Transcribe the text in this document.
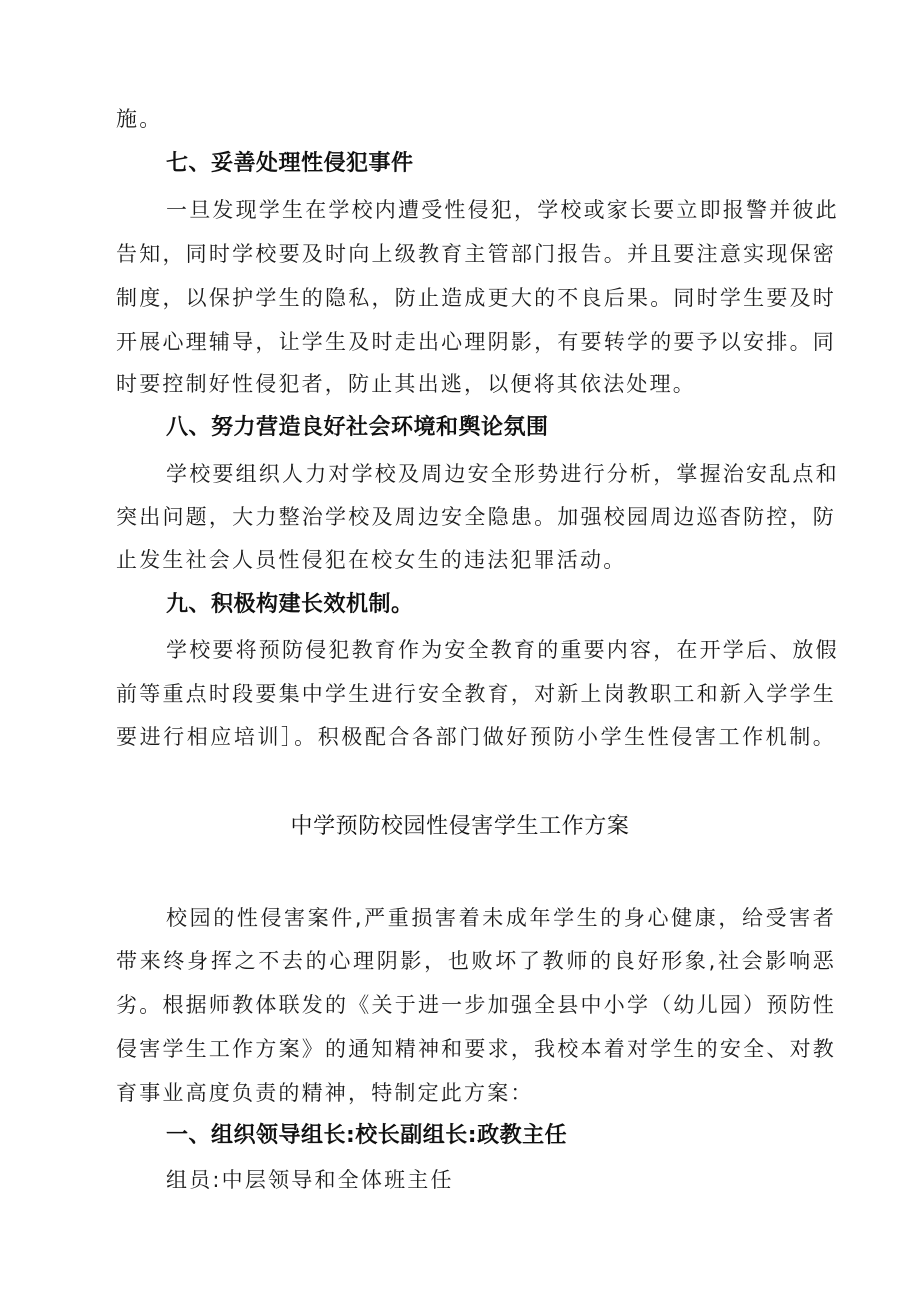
施。
七、妥善处理性侵犯事件
一旦发现学生在学校内遭受性侵犯，学校或家长要立即报警并彼此
告知，同时学校要及时向上级教育主管部门报告。并且要注意实现保密
制度，以保护学生的隐私，防止造成更大的不良后果。同时学生要及时
开展心理辅导，让学生及时走出心理阴影，有要转学的要予以安排。同
时要控制好性侵犯者，防止其出逃，以便将其依法处理。
八、努力营造良好社会环境和舆论氛围
学校要组织人力对学校及周边安全形势进行分析，掌握治安乱点和
突出问题，大力整治学校及周边安全隐患。加强校园周边巡杳防控，防
止发生社会人员性侵犯在校女生的违法犯罪活动。
九、积极构建长效机制。
学校要将预防侵犯教育作为安全教育的重要内容，在开学后、放假
前等重点时段要集中学生进行安全教育，对新上岗教职工和新入学学生
要进行相应培训］。积极配合各部门做好预防小学生性侵害工作机制。
中学预防校园性侵害学生工作方案
校园的性侵害案件,严重损害着未成年学生的身心健康，给受害者
带来终身挥之不去的心理阴影，也败坏了教师的良好形象,社会影响恶
劣。根据师教体联发的《关于进一步加强全县中小学（幼儿园）预防性
侵害学生工作方案》的通知精神和要求，我校本着对学生的安全、对教
育事业高度负责的精神，特制定此方案：
一、组织领导组长:校长副组长:政教主任
组员:中层领导和全体班主任
